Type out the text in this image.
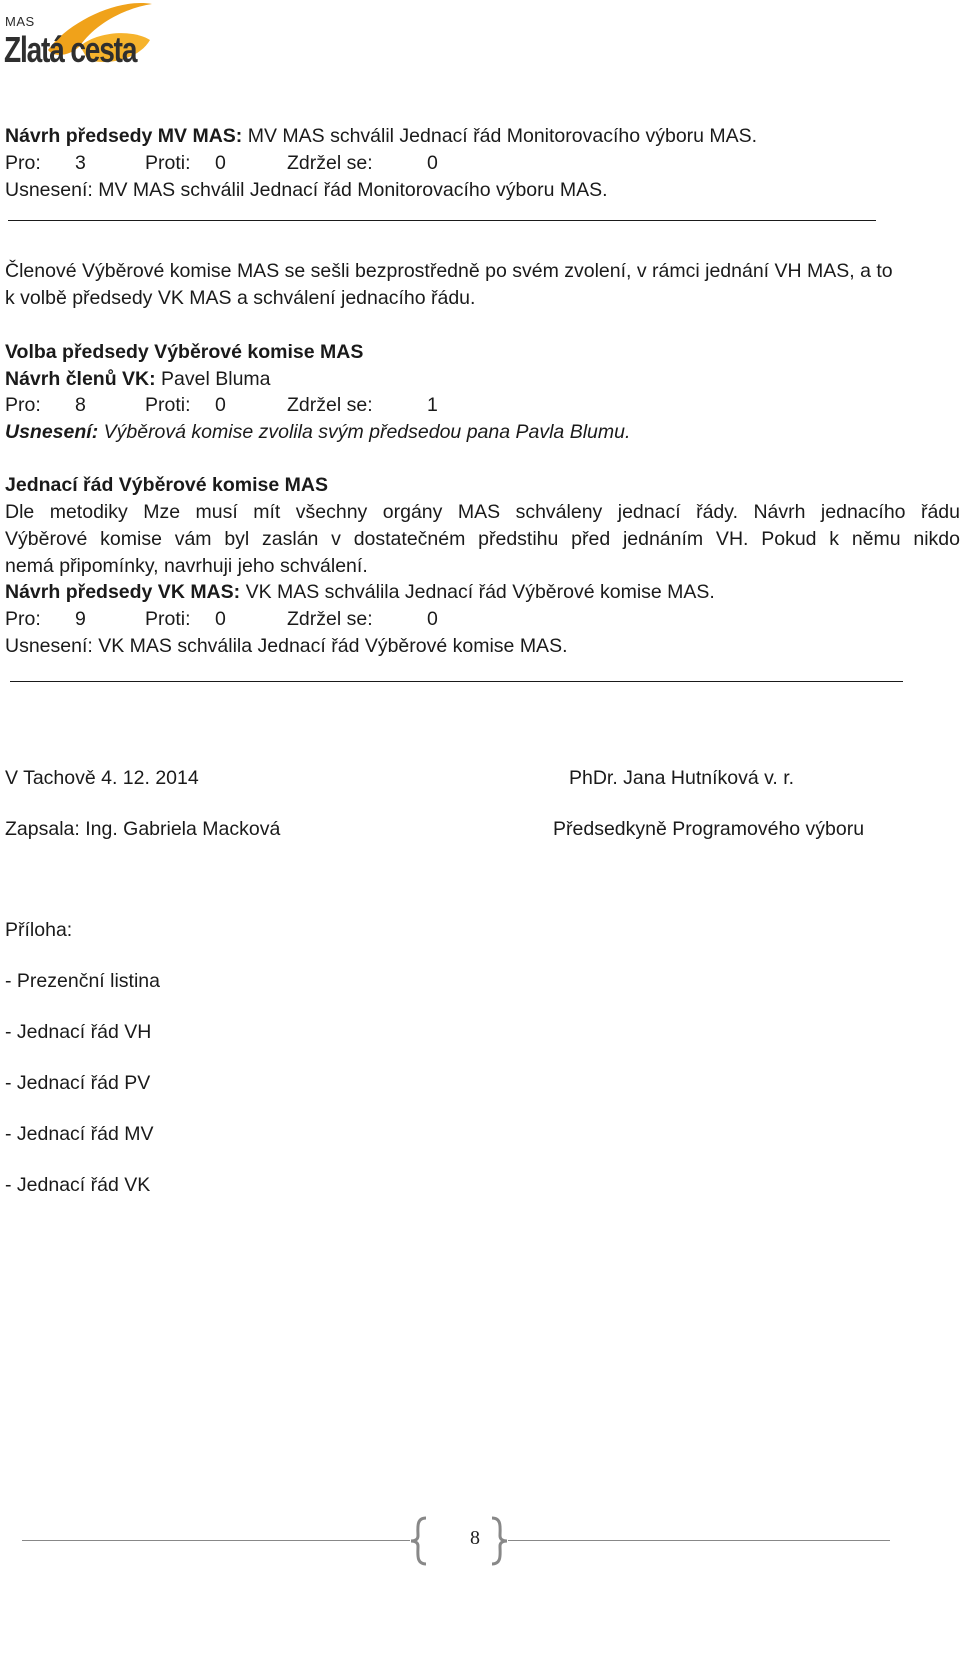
MAS
Zlatá cesta
Návrh předsedy MV MAS: MV MAS schválil Jednací řád Monitorovacího výboru MAS.
Pro: 3	Proti: 0	Zdržel se:	0
Usnesení: MV MAS schválil Jednací řád Monitorovacího výboru MAS.
Členové Výběrové komise MAS se sešli bezprostředně po svém zvolení, v rámci jednání VH MAS, a to
k volbě předsedy VK MAS a schválení jednacího řádu.
Volba předsedy Výběrové komise MAS
Návrh členů VK: Pavel Bluma
Pro: 8	Proti: 0	Zdržel se:	1
Usnesení: Výběrová komise zvolila svým předsedou pana Pavla Blumu.
Jednací řád Výběrové komise MAS
Dle metodiky Mze musí mít všechny orgány MAS schváleny jednací řády. Návrh jednacího řádu
Výběrové komise vám byl zaslán v dostatečném předstihu před jednáním VH. Pokud k němu nikdo
nemá připomínky, navrhuji jeho schválení.
Návrh předsedy VK MAS: VK MAS schválila Jednací řád Výběrové komise MAS.
Pro: 9	Proti: 0	Zdržel se:	0
Usnesení: VK MAS schválila Jednací řád Výběrové komise MAS.
V Tachově 4. 12. 2014	PhDr. Jana Hutníková v. r.
Zapsala: Ing. Gabriela Macková	Předsedkyně Programového výboru
Příloha:
- Prezenční listina
- Jednací řád VH
- Jednací řád PV
- Jednací řád MV
- Jednací řád VK
8
